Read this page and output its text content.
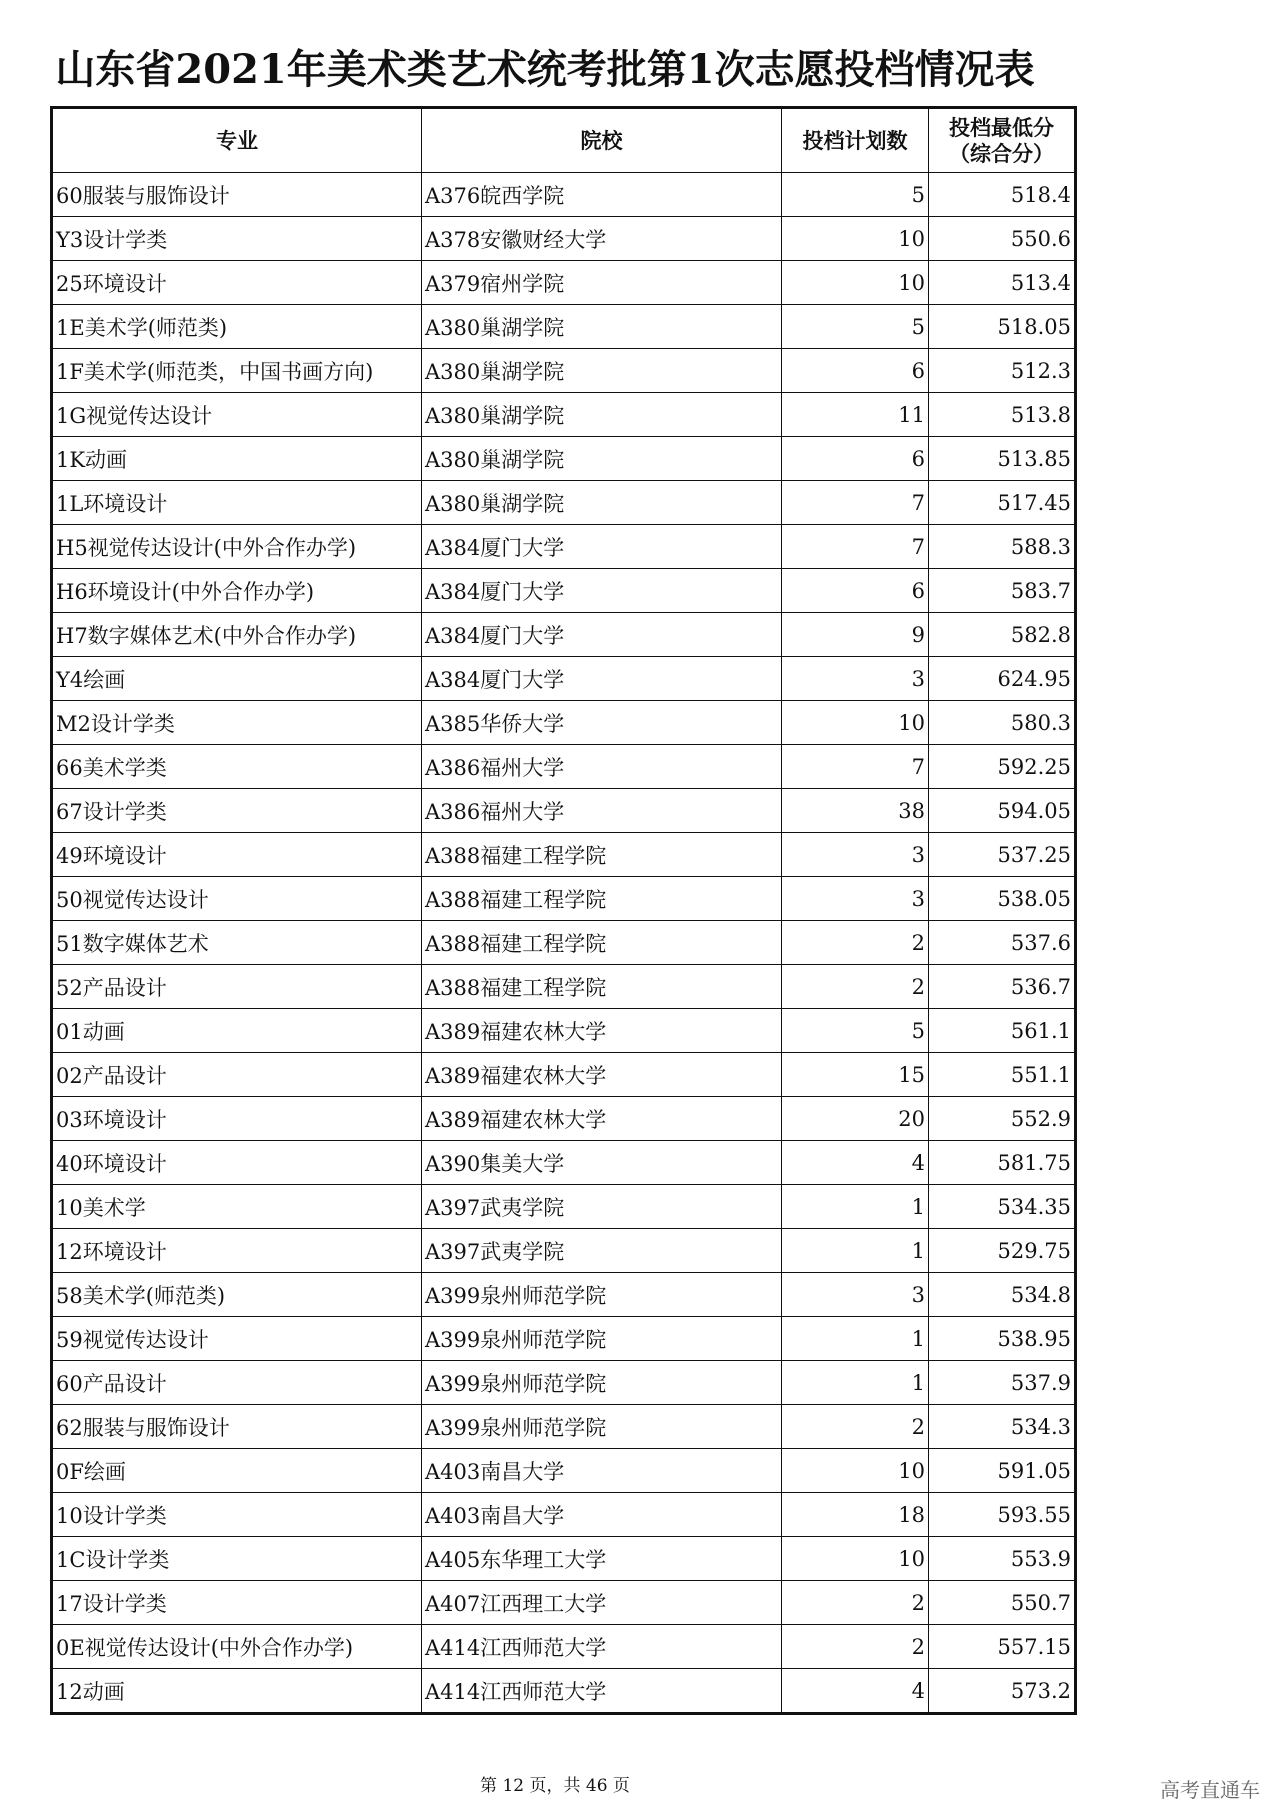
山东省2021年美术类艺术统考批第1次志愿投档情况表
专业	院校	投档计划数	投档最低分
（综合分）

60服装与服饰设计	A376皖西学院	5	518.4
Y3设计学类	A378安徽财经大学	10	550.6
25环境设计	A379宿州学院	10	513.4
1E美术学(师范类)	A380巢湖学院	5	518.05
1F美术学(师范类，中国书画方向)	A380巢湖学院	6	512.3
1G视觉传达设计	A380巢湖学院	11	513.8
1K动画	A380巢湖学院	6	513.85
1L环境设计	A380巢湖学院	7	517.45
H5视觉传达设计(中外合作办学)	A384厦门大学	7	588.3
H6环境设计(中外合作办学)	A384厦门大学	6	583.7
H7数字媒体艺术(中外合作办学)	A384厦门大学	9	582.8
Y4绘画	A384厦门大学	3	624.95
M2设计学类	A385华侨大学	10	580.3
66美术学类	A386福州大学	7	592.25
67设计学类	A386福州大学	38	594.05
49环境设计	A388福建工程学院	3	537.25
50视觉传达设计	A388福建工程学院	3	538.05
51数字媒体艺术	A388福建工程学院	2	537.6
52产品设计	A388福建工程学院	2	536.7
01动画	A389福建农林大学	5	561.1
02产品设计	A389福建农林大学	15	551.1
03环境设计	A389福建农林大学	20	552.9
40环境设计	A390集美大学	4	581.75
10美术学	A397武夷学院	1	534.35
12环境设计	A397武夷学院	1	529.75
58美术学(师范类)	A399泉州师范学院	3	534.8
59视觉传达设计	A399泉州师范学院	1	538.95
60产品设计	A399泉州师范学院	1	537.9
62服装与服饰设计	A399泉州师范学院	2	534.3
0F绘画	A403南昌大学	10	591.05
10设计学类	A403南昌大学	18	593.55
1C设计学类	A405东华理工大学	10	553.9
17设计学类	A407江西理工大学	2	550.7
0E视觉传达设计(中外合作办学)	A414江西师范大学	2	557.15
12动画	A414江西师范大学	4	573.2
第 12 页，共 46 页	高考直通车
